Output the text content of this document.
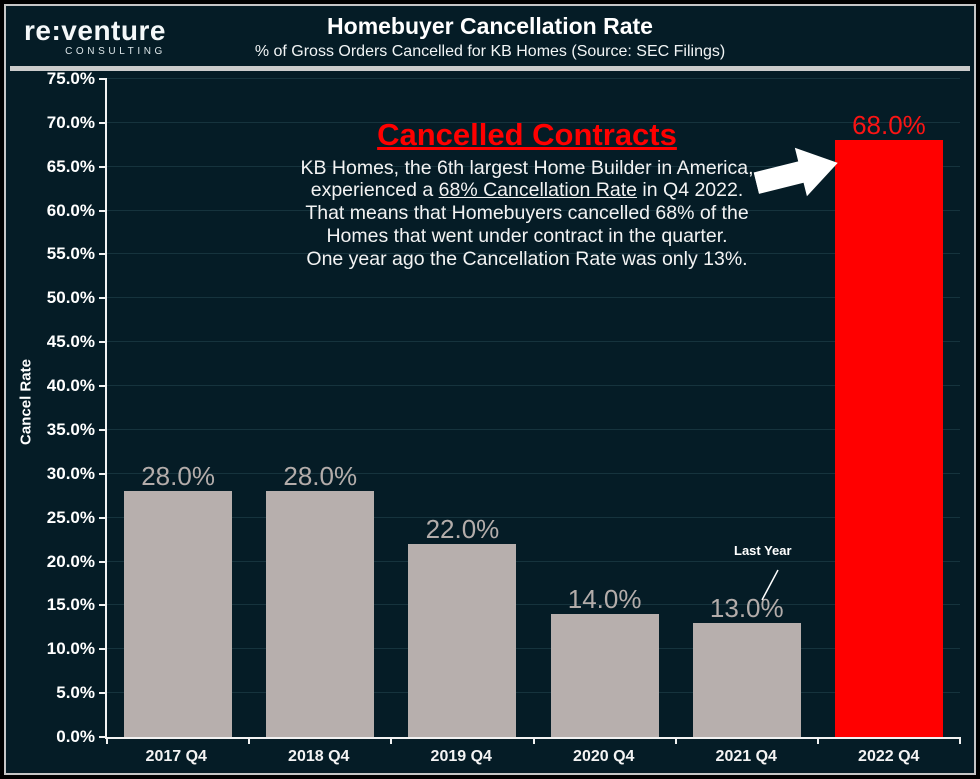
Homebuyer Cancellation Rate
% of Gross Orders Cancelled for KB Homes (Source: SEC Filings)
re:venture
CONSULTING
Cancel Rate
28.0%	28.0%
22.0%
14.0%	13.0%
68.0%
Cancelled Contracts
KB Homes, the 6th largest Home Builder in America,
experienced a 68% Cancellation Rate in Q4 2022.
That means that Homebuyers cancelled 68% of the
Homes that went under contract in the quarter.
One year ago the Cancellation Rate was only 13%.
Last Year
0.0%
5.0%
10.0%
15.0%
20.0%
25.0%
30.0%
35.0%
40.0%
45.0%
50.0%
55.0%
60.0%
65.0%
70.0%
75.0%
2017 Q4	2018 Q4	2019 Q4	2020 Q4	2021 Q4	2022 Q4
